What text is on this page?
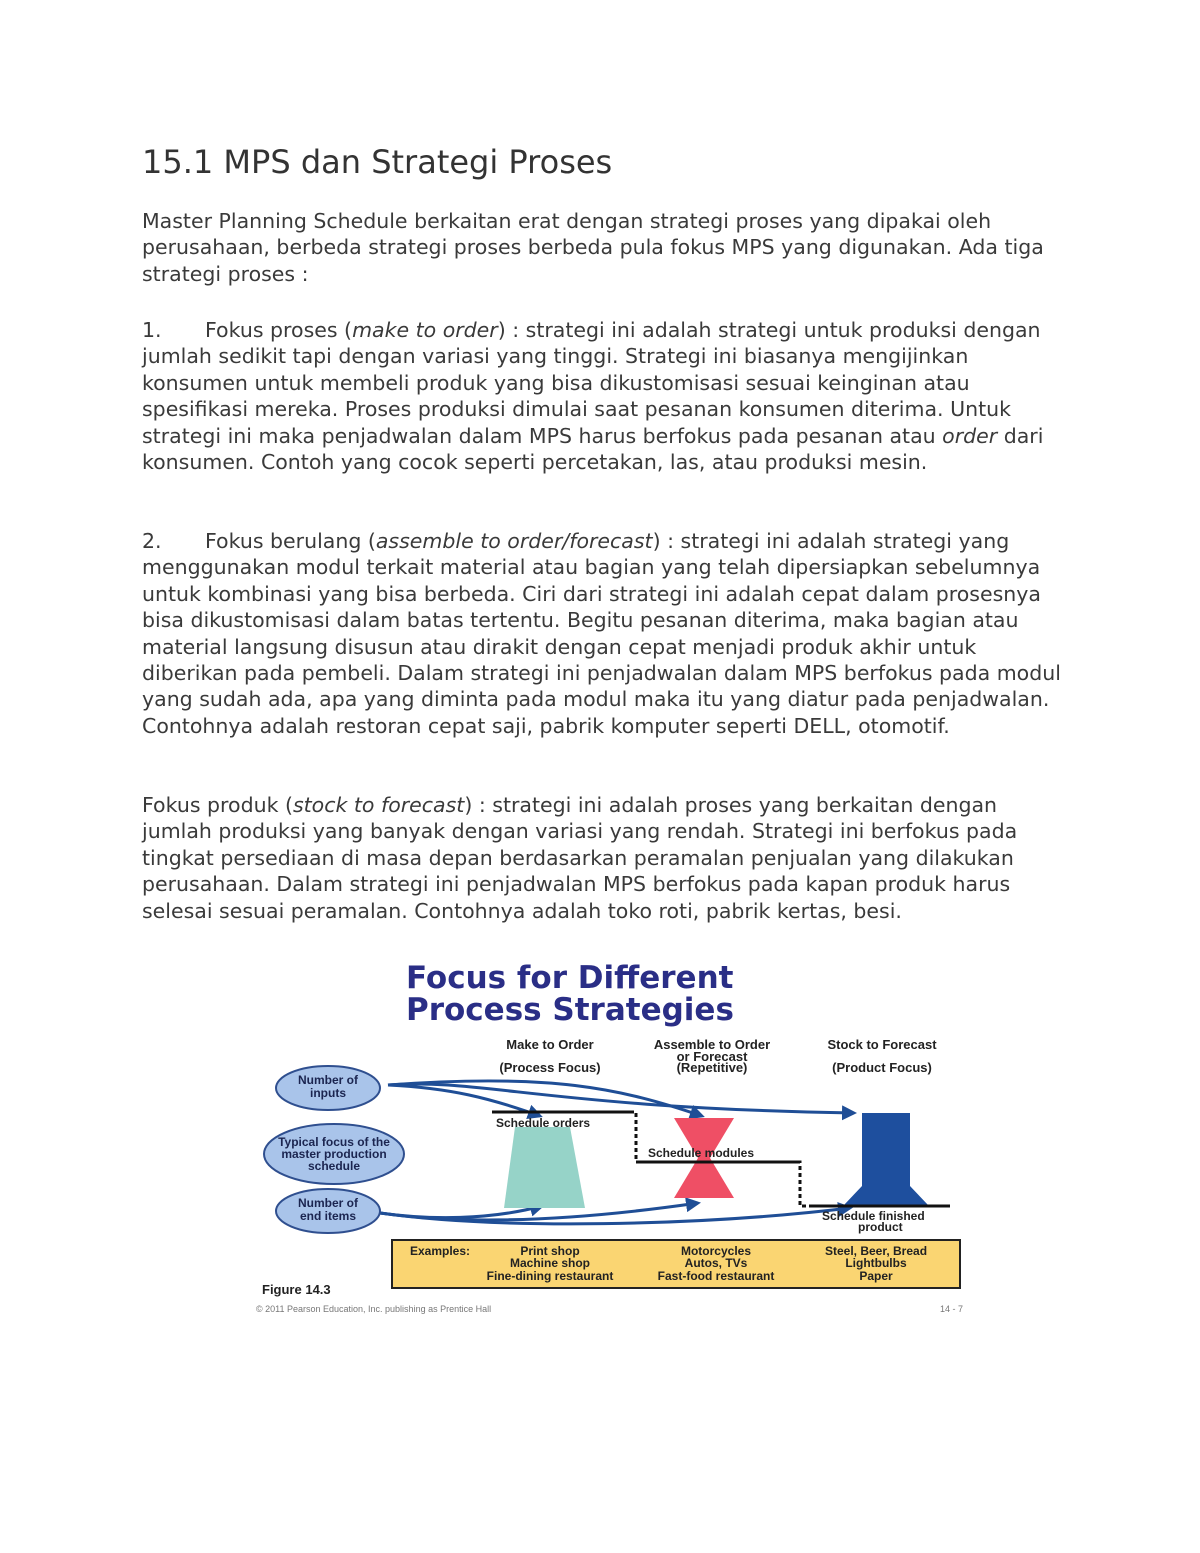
15.1 MPS dan Strategi Proses

Master Planning Schedule berkaitan erat dengan strategi proses yang dipakai oleh perusahaan, berbeda strategi proses berbeda pula fokus MPS yang digunakan. Ada tiga strategi proses :

1. Fokus proses (make to order) : strategi ini adalah strategi untuk produksi dengan jumlah sedikit tapi dengan variasi yang tinggi. Strategi ini biasanya mengijinkan konsumen untuk membeli produk yang bisa dikustomisasi sesuai keinginan atau spesifikasi mereka. Proses produksi dimulai saat pesanan konsumen diterima. Untuk strategi ini maka penjadwalan dalam MPS harus berfokus pada pesanan atau order dari konsumen. Contoh yang cocok seperti percetakan, las, atau produksi mesin.

2. Fokus berulang (assemble to order/forecast) : strategi ini adalah strategi yang menggunakan modul terkait material atau bagian yang telah dipersiapkan sebelumnya untuk kombinasi yang bisa berbeda. Ciri dari strategi ini adalah cepat dalam prosesnya bisa dikustomisasi dalam batas tertentu. Begitu pesanan diterima, maka bagian atau material langsung disusun atau dirakit dengan cepat menjadi produk akhir untuk diberikan pada pembeli. Dalam strategi ini penjadwalan dalam MPS berfokus pada modul yang sudah ada, apa yang diminta pada modul maka itu yang diatur pada penjadwalan. Contohnya adalah restoran cepat saji, pabrik komputer seperti DELL, otomotif.

Fokus produk (stock to forecast) : strategi ini adalah proses yang berkaitan dengan jumlah produksi yang banyak dengan variasi yang rendah. Strategi ini berfokus pada tingkat persediaan di masa depan berdasarkan peramalan penjualan yang dilakukan perusahaan. Dalam strategi ini penjadwalan MPS berfokus pada kapan produk harus selesai sesuai peramalan. Contohnya adalah toko roti, pabrik kertas, besi.

Focus for Different
Process Strategies
Make to Order
(Process Focus)
Assemble to Order
or Forecast
(Repetitive)
Stock to Forecast
(Product Focus)
Schedule orders
Schedule modules
Schedule finished
product
Number of
inputs
Typical focus of the
master production
schedule
Number of
end items
Examples:	Print shop
Machine shop
Fine-dining restaurant
Motorcycles
Autos, TVs
Fast-food restaurant
Steel, Beer, Bread
Lightbulbs
Paper
Figure 14.3
© 2011 Pearson Education, Inc. publishing as Prentice Hall	14 - 7
